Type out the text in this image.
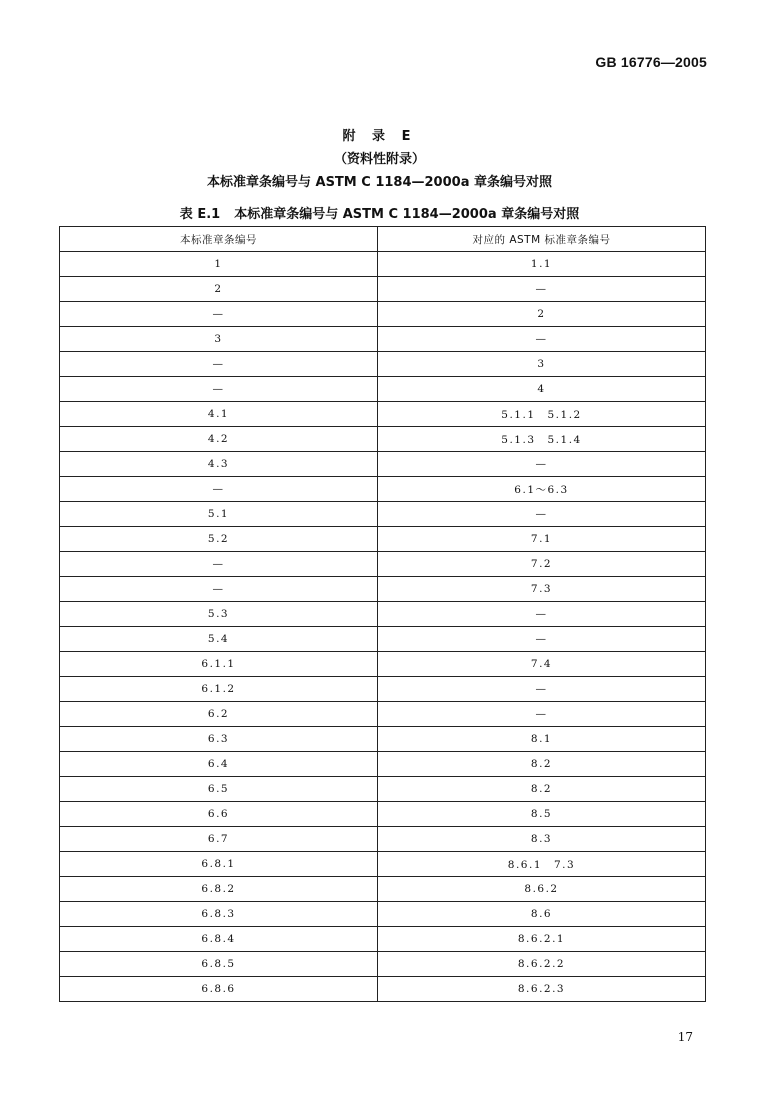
GB 16776—2005
附 录 E
（资料性附录）
本标准章条编号与 ASTM C 1184—2000a 章条编号对照
表 E.1 本标准章条编号与 ASTM C 1184—2000a 章条编号对照
本标准章条编号	对应的 ASTM 标准章条编号
1	1.1
2	—
—	2
3	—
—	3
—	4
4.1	5.1.1　5.1.2
4.2	5.1.3　5.1.4
4.3	—
—	6.1～6.3
5.1	—
5.2	7.1
—	7.2
—	7.3
5.3	—
5.4	—
6.1.1	7.4
6.1.2	—
6.2	—
6.3	8.1
6.4	8.2
6.5	8.2
6.6	8.5
6.7	8.3
6.8.1	8.6.1　7.3
6.8.2	8.6.2
6.8.3	8.6
6.8.4	8.6.2.1
6.8.5	8.6.2.2
6.8.6	8.6.2.3
17
